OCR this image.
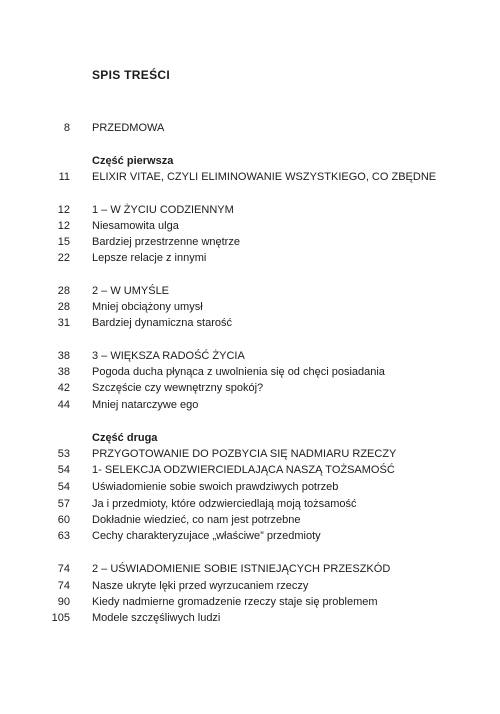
SPIS TREŚCI
8 PRZEDMOWA
Część pierwsza
11 ELIXIR VITAE, CZYLI ELIMINOWANIE WSZYSTKIEGO, CO ZBĘDNE
12 1 – W ŻYCIU CODZIENNYM
12 Niesamowita ulga
15 Bardziej przestrzenne wnętrze
22 Lepsze relacje z innymi
28 2 – W UMYŚLE
28 Mniej obciążony umysł
31 Bardziej dynamiczna starość
38 3 – WIĘKSZA RADOŚĆ ŻYCIA
38 Pogoda ducha płynąca z uwolnienia się od chęci posiadania
42 Szczęście czy wewnętrzny spokój?
44 Mniej natarczywe ego
Część druga
53 PRZYGOTOWANIE DO POZBYCIA SIĘ NADMIARU RZECZY
54 1- SELEKCJA ODZWIERCIEDLAJĄCA NASZĄ TOŻSAMOŚĆ
54 Uświadomienie sobie swoich prawdziwych potrzeb
57 Ja i przedmioty, które odzwierciedlają moją tożsamość
60 Dokładnie wiedzieć, co nam jest potrzebne
63 Cechy charakteryzujace „właściwe” przedmioty
74 2 – UŚWIADOMIENIE SOBIE ISTNIEJĄCYCH PRZESZKÓD
74 Nasze ukryte lęki przed wyrzucaniem rzeczy
90 Kiedy nadmierne gromadzenie rzeczy staje się problemem
105 Modele szczęśliwych ludzi
